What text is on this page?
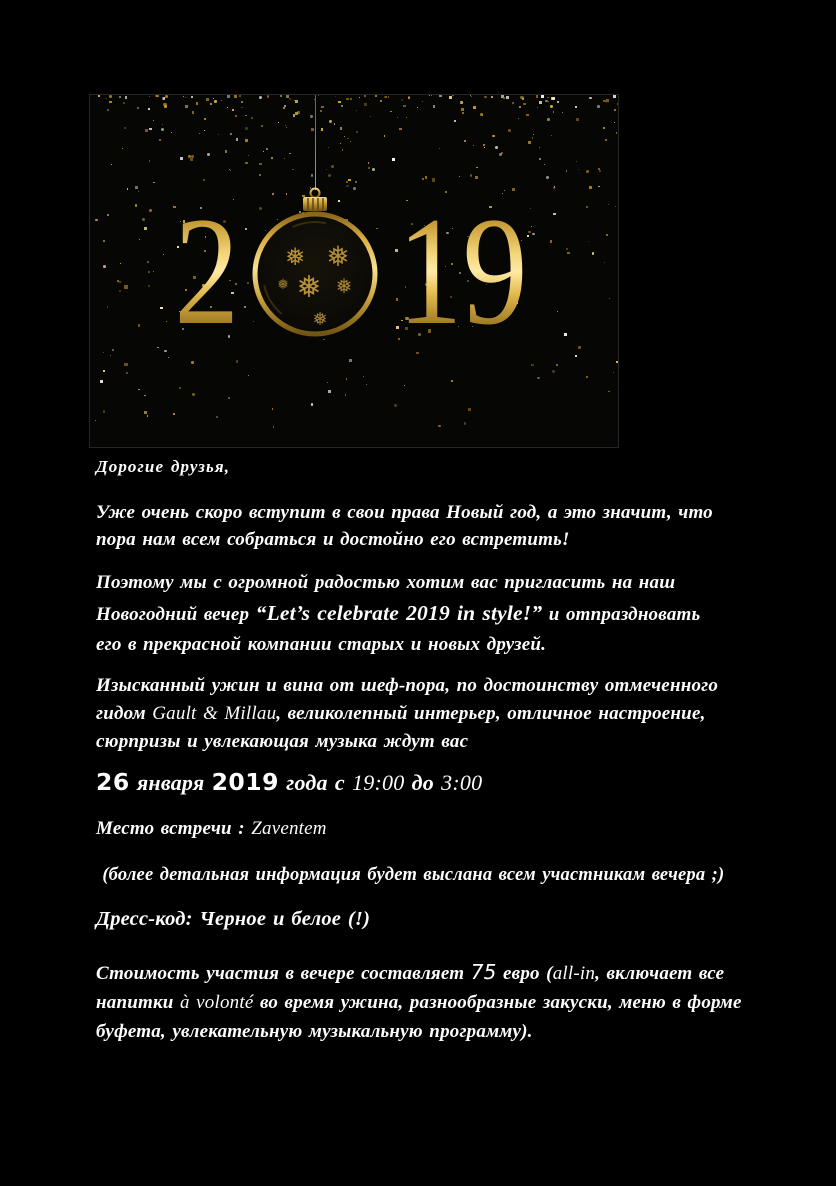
2 ❅ ❅
❅ ❅
❅
❅ 19
Дорогие друзья,
Уже очень скоро вступит в свои права Новый год, а это значит, что
пора нам всем собраться и достойно его встретить!
Поэтому мы с огромной радостью хотим вас пригласить на наш
Новогодний вечер “Let’s celebrate 2019 in style!” и отпраздновать
его в прекрасной компании старых и новых друзей.
Изысканный ужин и вина от шеф-пора, по достоинству отмеченного
гидом Gault & Millau, великолепный интерьер, отличное настроение,
сюрпризы и увлекающая музыка ждут вас
26 января 2019 года с 19:00 до 3:00
Место встречи : Zaventem
(более детальная информация будет выслана всем участникам вечера ;)
Дресс-код: Черное и белое (!)
Стоимость участия в вечере составляет 75 евро (all-in, включает все
напитки à volonté во время ужина, разнообразные закуски, меню в форме
буфета, увлекательную музыкальную программу).
